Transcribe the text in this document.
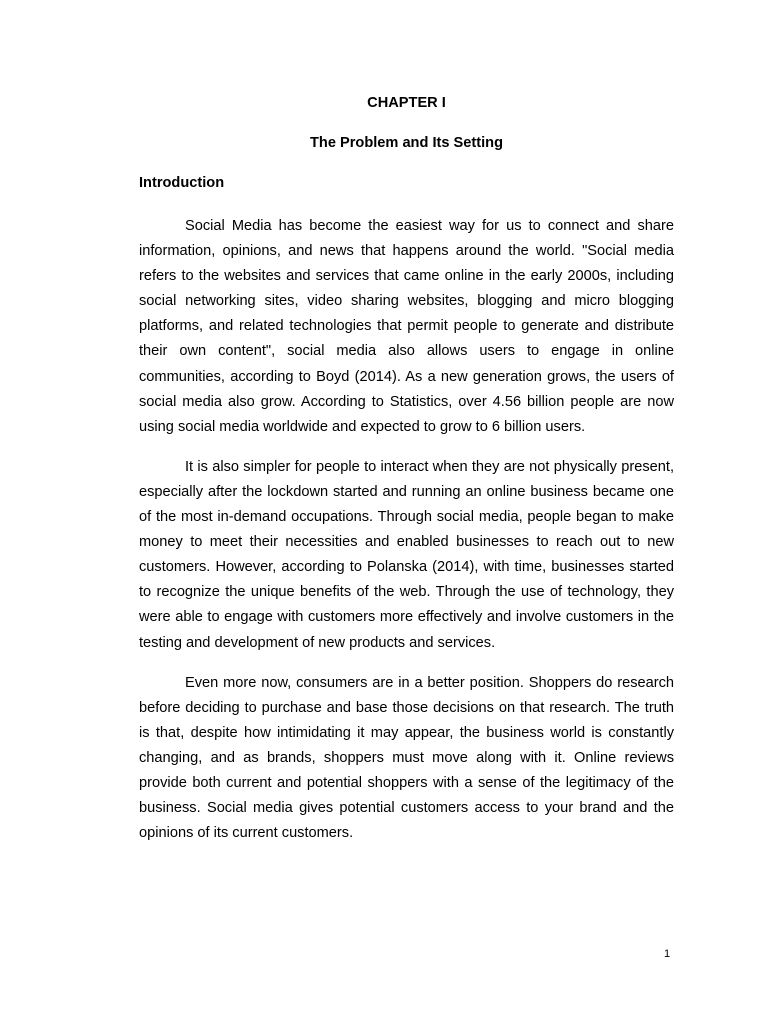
CHAPTER I
The Problem and Its Setting
Introduction

Social Media has become the easiest way for us to connect and share information, opinions, and news that happens around the world. "Social media refers to the websites and services that came online in the early 2000s, including social networking sites, video sharing websites, blogging and micro blogging platforms, and related technologies that permit people to generate and distribute their own content", social media also allows users to engage in online communities, according to Boyd (2014). As a new generation grows, the users of social media also grow. According to Statistics, over 4.56 billion people are now using social media worldwide and expected to grow to 6 billion users.

It is also simpler for people to interact when they are not physically present, especially after the lockdown started and running an online business became one of the most in-demand occupations. Through social media, people began to make money to meet their necessities and enabled businesses to reach out to new customers. However, according to Polanska (2014), with time, businesses started to recognize the unique benefits of the web. Through the use of technology, they were able to engage with customers more effectively and involve customers in the testing and development of new products and services.

Even more now, consumers are in a better position. Shoppers do research before deciding to purchase and base those decisions on that research. The truth is that, despite how intimidating it may appear, the business world is constantly changing, and as brands, shoppers must move along with it. Online reviews provide both current and potential shoppers with a sense of the legitimacy of the business. Social media gives potential customers access to your brand and the opinions of its current customers.

1
